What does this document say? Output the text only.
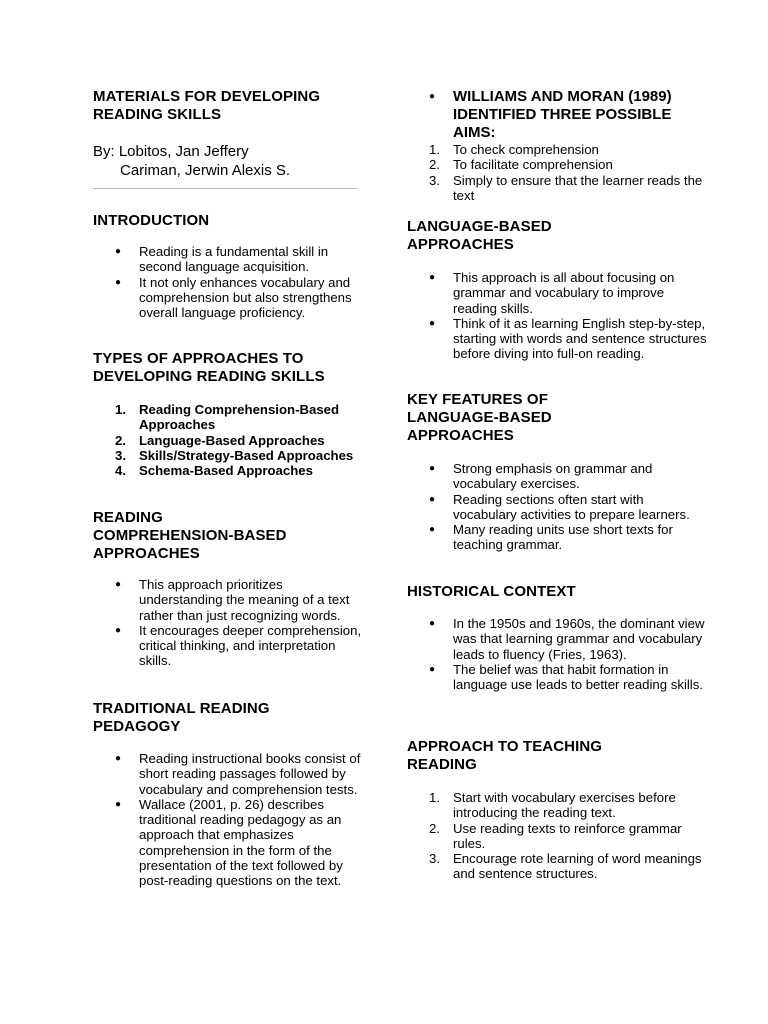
MATERIALS FOR DEVELOPING
READING SKILLS
By: Lobitos, Jan Jeffery
Cariman, Jerwin Alexis S.
INTRODUCTION
● Reading is a fundamental skill in second language acquisition.
● It not only enhances vocabulary and comprehension but also strengthens overall language proficiency.
TYPES OF APPROACHES TO
DEVELOPING READING SKILLS
1. Reading Comprehension-Based Approaches
2. Language-Based Approaches
3. Skills/Strategy-Based Approaches
4. Schema-Based Approaches
READING
COMPREHENSION-BASED
APPROACHES
● This approach prioritizes understanding the meaning of a text rather than just recognizing words.
● It encourages deeper comprehension, critical thinking, and interpretation skills.
TRADITIONAL READING
PEDAGOGY
● Reading instructional books consist of short reading passages followed by vocabulary and comprehension tests.
● Wallace (2001, p. 26) describes traditional reading pedagogy as an approach that emphasizes comprehension in the form of the presentation of the text followed by post-reading questions on the text.
● WILLIAMS AND MORAN (1989) IDENTIFIED THREE POSSIBLE AIMS:
1. To check comprehension
2. To facilitate comprehension
3. Simply to ensure that the learner reads the text
LANGUAGE-BASED
APPROACHES
● This approach is all about focusing on grammar and vocabulary to improve reading skills.
● Think of it as learning English step-by-step, starting with words and sentence structures before diving into full-on reading.
KEY FEATURES OF
LANGUAGE-BASED
APPROACHES
● Strong emphasis on grammar and vocabulary exercises.
● Reading sections often start with vocabulary activities to prepare learners.
● Many reading units use short texts for teaching grammar.
HISTORICAL CONTEXT
● In the 1950s and 1960s, the dominant view was that learning grammar and vocabulary leads to fluency (Fries, 1963).
● The belief was that habit formation in language use leads to better reading skills.
APPROACH TO TEACHING
READING
1. Start with vocabulary exercises before introducing the reading text.
2. Use reading texts to reinforce grammar rules.
3. Encourage rote learning of word meanings and sentence structures.
